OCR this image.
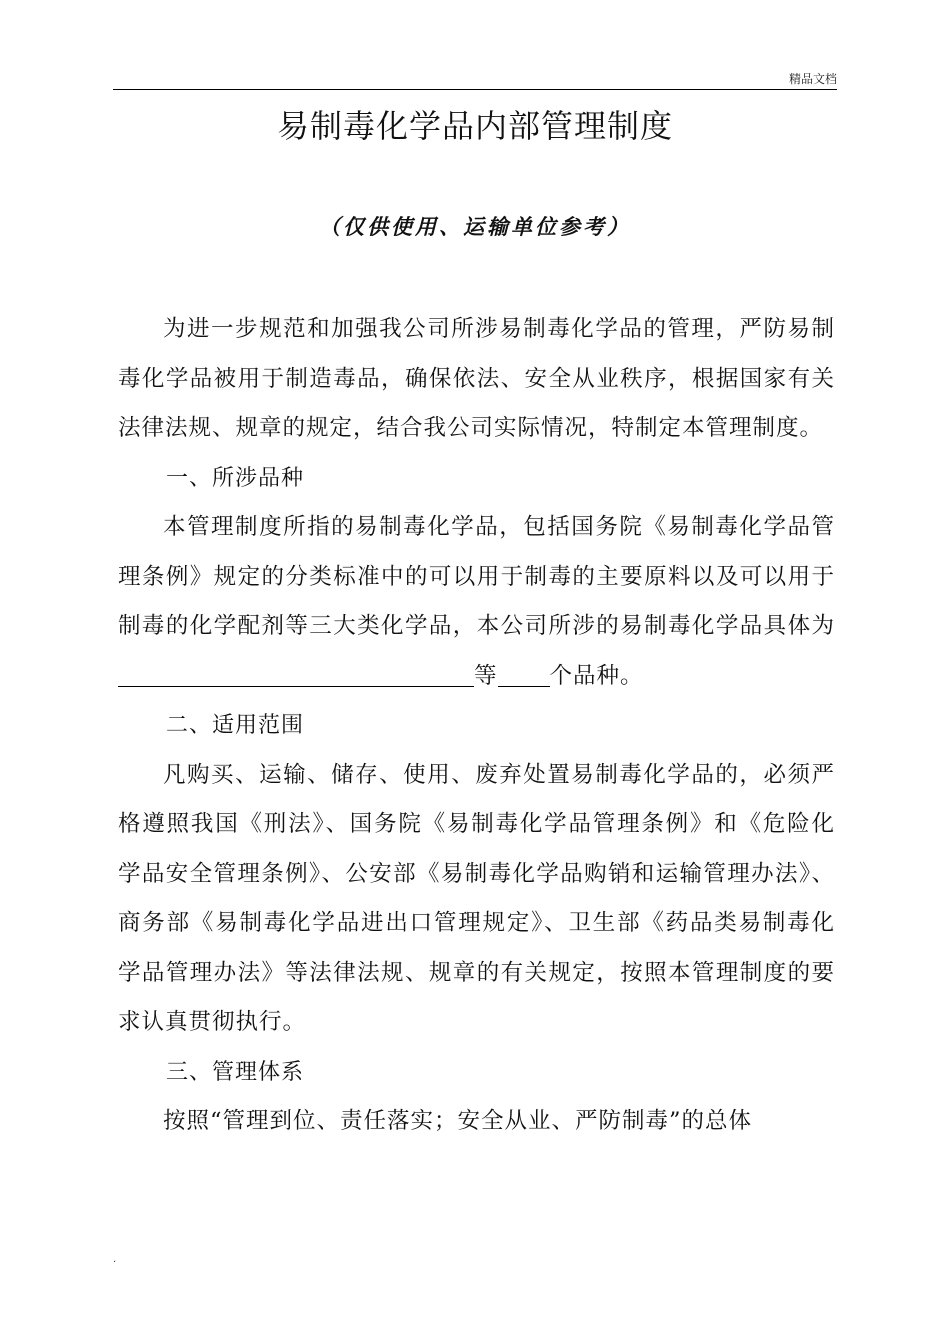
精品文档
易制毒化学品内部管理制度
（仅供使用、运输单位参考）

为进一步规范和加强我公司所涉易制毒化学品的管理，严防易制毒化学品被用于制造毒品，确保依法、安全从业秩序，根据国家有关法律法规、规章的规定，结合我公司实际情况，特制定本管理制度。

一、所涉品种

本管理制度所指的易制毒化学品，包括国务院《易制毒化学品管理条例》规定的分类标准中的可以用于制毒的主要原料以及可以用于制毒的化学配剂等三大类化学品，本公司所涉的易制毒化学品具体为等 个品种。

二、适用范围

凡购买、运输、储存、使用、废弃处置易制毒化学品的，必须严格遵照我国《刑法》、国务院《易制毒化学品管理条例》和《危险化学品安全管理条例》、公安部《易制毒化学品购销和运输管理办法》、商务部《易制毒化学品进出口管理规定》、卫生部《药品类易制毒化学品管理办法》等法律法规、规章的有关规定，按照本管理制度的要求认真贯彻执行。

三、管理体系

按照“管理到位、责任落实；安全从业、严防制毒”的总体

.
